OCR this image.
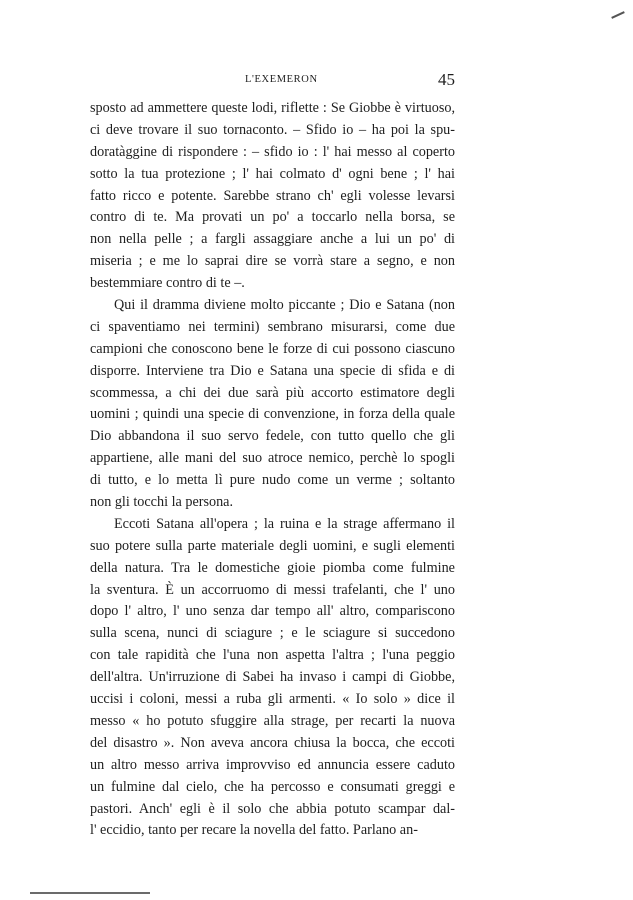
L'EXEMERON	45
sposto ad ammettere queste lodi, riflette : Se Giobbe è virtuoso,
ci deve trovare il suo tornaconto. – Sfido io – ha poi la spu-
doratàggine di rispondere : – sfido io : l' hai messo al coperto
sotto la tua protezione ; l' hai colmato d' ogni bene ; l' hai
fatto ricco e potente. Sarebbe strano ch' egli volesse levarsi
contro di te. Ma provati un po' a toccarlo nella borsa, se
non nella pelle ; a fargli assaggiare anche a lui un po' di
miseria ; e me lo saprai dire se vorrà stare a segno, e non
bestemmiare contro di te –.
Qui il dramma diviene molto piccante ; Dio e Satana (non
ci spaventiamo nei termini) sembrano misurarsi, come due
campioni che conoscono bene le forze di cui possono ciascuno
disporre. Interviene tra Dio e Satana una specie di sfida e di
scommessa, a chi dei due sarà più accorto estimatore degli
uomini ; quindi una specie di convenzione, in forza della quale
Dio abbandona il suo servo fedele, con tutto quello che gli
appartiene, alle mani del suo atroce nemico, perchè lo spogli
di tutto, e lo metta lì pure nudo come un verme ; soltanto
non gli tocchi la persona.
Eccoti Satana all'opera ; la ruina e la strage affermano il
suo potere sulla parte materiale degli uomini, e sugli elementi
della natura. Tra le domestiche gioie piomba come fulmine
la sventura. È un accorruomo di messi trafelanti, che l' uno
dopo l' altro, l' uno senza dar tempo all' altro, compariscono
sulla scena, nunci di sciagure ; e le sciagure si succedono
con tale rapidità che l'una non aspetta l'altra ; l'una peggio
dell'altra. Un'irruzione di Sabei ha invaso i campi di Giobbe,
uccisi i coloni, messi a ruba gli armenti. « Io solo » dice il
messo « ho potuto sfuggire alla strage, per recarti la nuova
del disastro ». Non aveva ancora chiusa la bocca, che eccoti
un altro messo arriva improvviso ed annuncia essere caduto
un fulmine dal cielo, che ha percosso e consumati greggi e
pastori. Anch' egli è il solo che abbia potuto scampar dal-
l' eccidio, tanto per recare la novella del fatto. Parlano an-
